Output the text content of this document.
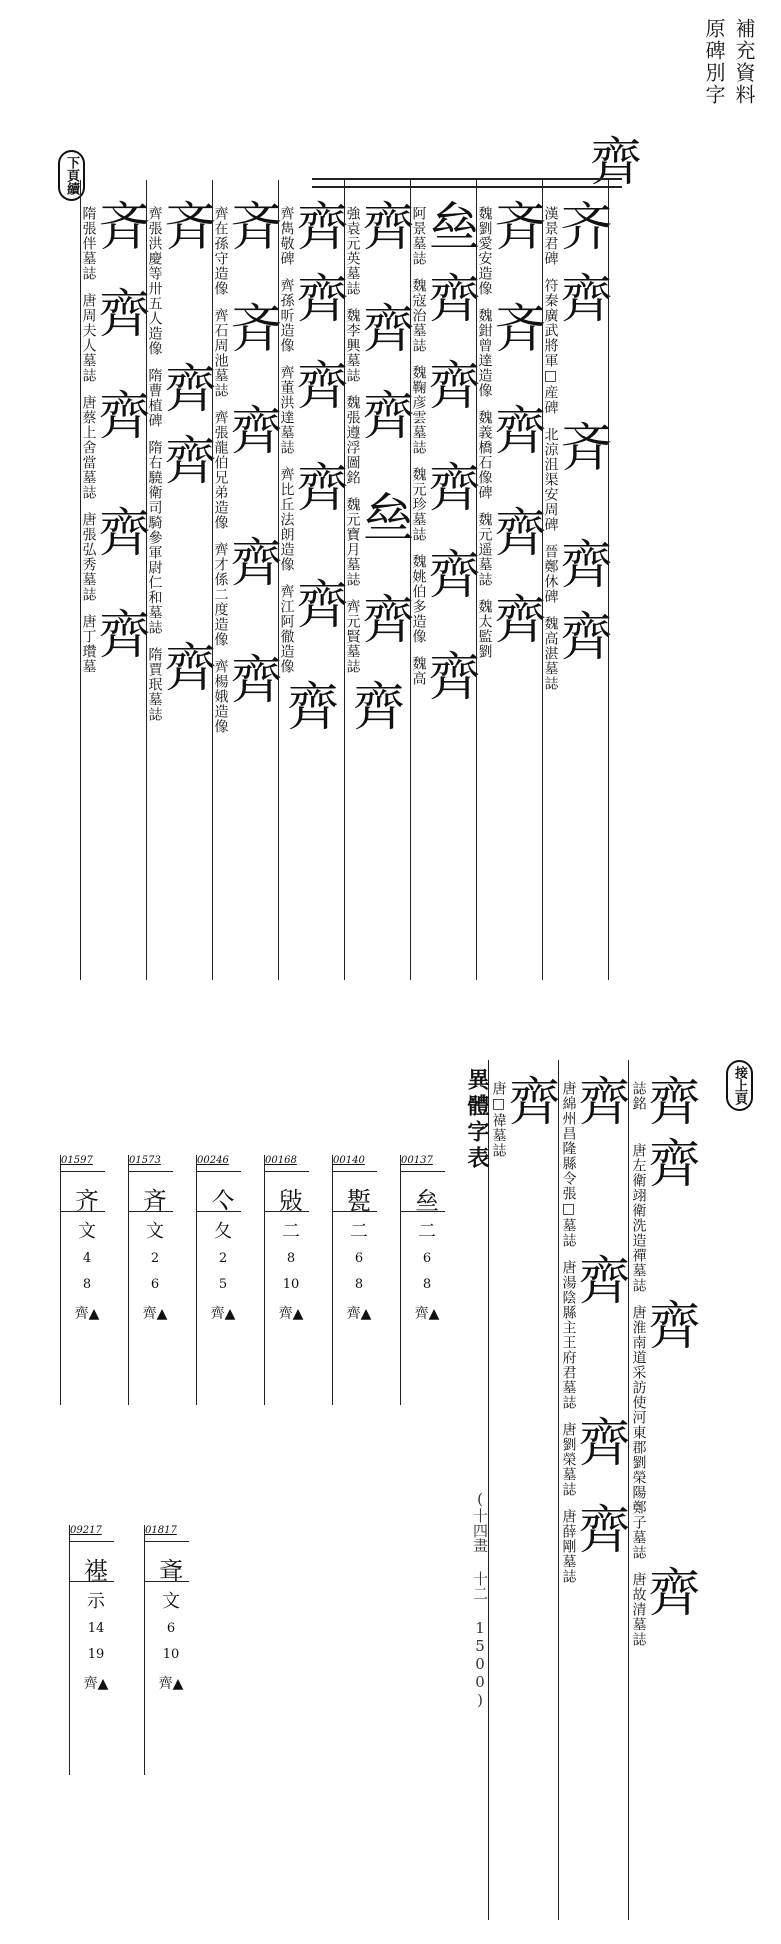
補充資料
原碑別字
齊
下頁續
齐
漢景君碑
齊
符秦廣武將軍□産碑
斉
北涼沮渠安周碑
齊
晉鄭休碑
齊
魏高湛墓誌
斉
魏劉愛安造像
斉
魏鉗曾達造像
齊
魏義橋石像碑
齊
魏元遥墓誌
齊
魏太監劉
亝
阿景墓誌
齊
魏寇治墓誌
齊
魏鞠彦雲墓誌
齊
魏元珍墓誌
齊
魏姚伯多造像
齊
魏高
齊
強袁元英墓誌
齊
魏李興墓誌
齊
魏張遵浮圖銘
亝
魏元寶月墓誌
齊
齊元賢墓誌
齊
齊
齊雋敬碑
齊
齊孫昕造像
齊
齊董洪達墓誌
齊
齊比丘法朗造像
齊
齊江阿徹造像
齊
斉
齊在孫守造像
斉
齊石周池墓誌
齊
齊張龍伯兄弟造像
齊
齊才係二度造像
齊
齊楊娥造像
斉
齊張洪慶等卅五人造像
齊
隋曹植碑
齊
隋右驍衛司騎參軍尉仁和墓誌
齊
隋賈珉墓誌
斉
隋張伴墓誌
齊
唐周夫人墓誌
齊
唐蔡上舍當墓誌
齊
唐張弘秀墓誌
齊
唐丁瓚墓
接上頁
齊
誌銘
齊
唐左衛翊衛洗造禪墓誌
齊
唐淮南道采訪使河東郡劉榮陽鄭子墓誌
齊
唐故清墓誌
齊
唐綿州昌隆縣令張□墓誌
齊
唐湯陰縣主王府君墓誌
齊
唐劉榮墓誌
齊
唐薛剛墓誌
齊
唐□禕墓誌
異體字表
(十四畫 十二 1500)
00137
亝
二
6
8
齊▲
00140
㽄
二
6
8
齊▲
00168
㪒
二
8
10
齊▲
00246
亽
夂
2
5
齊▲
01573
斉
文
2
6
齊▲
01597
齐
文
4
8
齊▲
01817
斊
文
6
10
齊▲
09217
禥
示
14
19
齊▲
